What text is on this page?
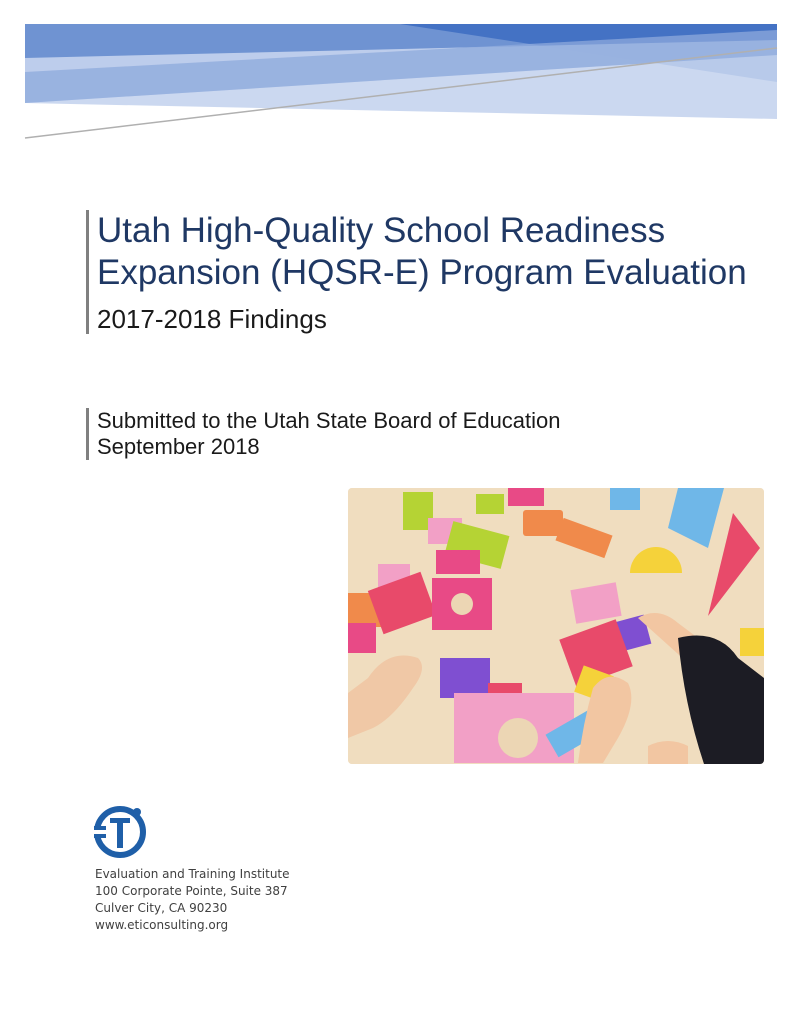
Utah High-Quality School Readiness Expansion (HQSR-E) Program Evaluation

2017-2018 Findings

Submitted to the Utah State Board of Education

September 2018

Evaluation and Training Institute

100 Corporate Pointe, Suite 387

Culver City, CA 90230

www.eticonsulting.org
